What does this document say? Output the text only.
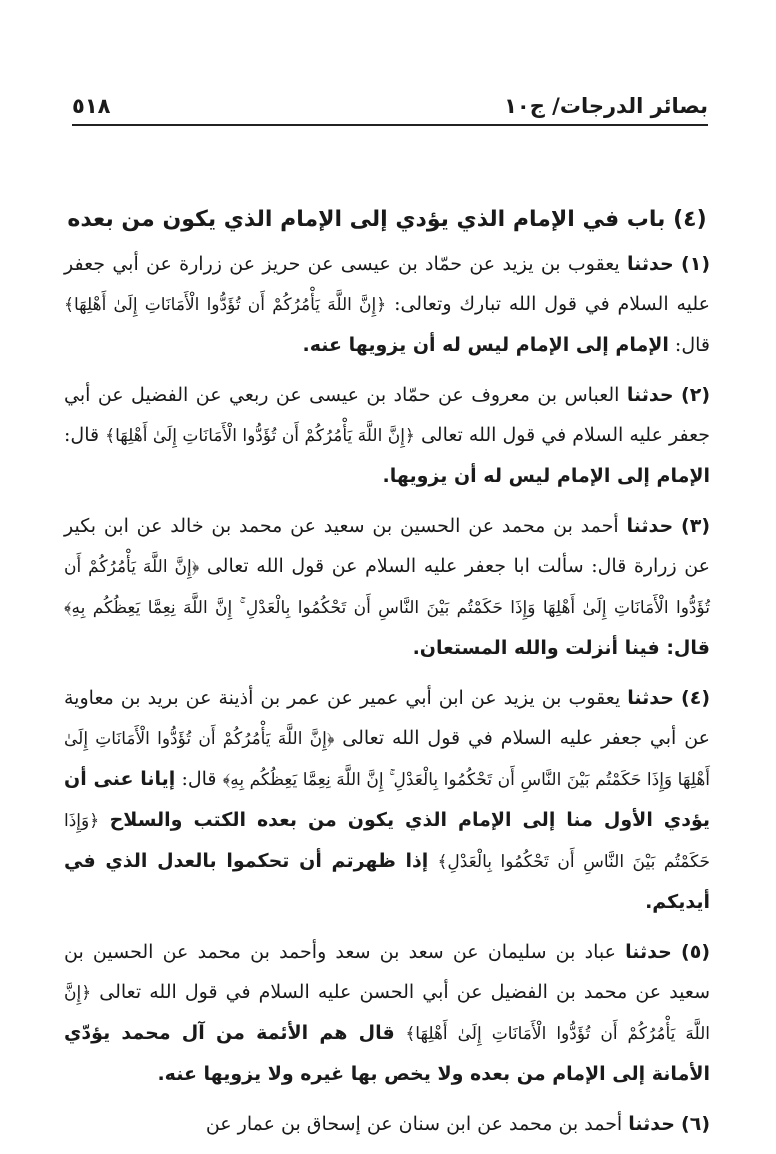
بصائر الدرجات/ ج١٠
٥١٨
(٤) باب في الإمام الذي يؤدي إلى الإمام الذي يكون من بعده

(١) حدثنا يعقوب بن يزيد عن حمّاد بن عيسى عن حريز عن زرارة عن أبي جعفر عليه السلام في قول الله تبارك وتعالى: ﴿إِنَّ اللَّهَ يَأْمُرُكُمْ أَن تُؤَدُّوا الْأَمَانَاتِ إِلَىٰ أَهْلِهَا﴾ قال: الإمام إلى الإمام ليس له أن يزويها عنه.

(٢) حدثنا العباس بن معروف عن حمّاد بن عيسى عن ربعي عن الفضيل عن أبي جعفر عليه السلام في قول الله تعالى ﴿إِنَّ اللَّهَ يَأْمُرُكُمْ أَن تُؤَدُّوا الْأَمَانَاتِ إِلَىٰ أَهْلِهَا﴾ قال: الإمام إلى الإمام ليس له أن يزويها.

(٣) حدثنا أحمد بن محمد عن الحسين بن سعيد عن محمد بن خالد عن ابن بكير عن زرارة قال: سألت ابا جعفر عليه السلام عن قول الله تعالى ﴿إِنَّ اللَّهَ يَأْمُرُكُمْ أَن تُؤَدُّوا الْأَمَانَاتِ إِلَىٰ أَهْلِهَا وَإِذَا حَكَمْتُم بَيْنَ النَّاسِ أَن تَحْكُمُوا بِالْعَدْلِ ۚ إِنَّ اللَّهَ نِعِمَّا يَعِظُكُم بِهِ﴾ قال: فينا أنزلت والله المستعان.

(٤) حدثنا يعقوب بن يزيد عن ابن أبي عمير عن عمر بن أذينة عن بريد بن معاوية عن أبي جعفر عليه السلام في قول الله تعالى ﴿إِنَّ اللَّهَ يَأْمُرُكُمْ أَن تُؤَدُّوا الْأَمَانَاتِ إِلَىٰ أَهْلِهَا وَإِذَا حَكَمْتُم بَيْنَ النَّاسِ أَن تَحْكُمُوا بِالْعَدْلِ ۚ إِنَّ اللَّهَ نِعِمَّا يَعِظُكُم بِهِ﴾ قال: إيانا عنى أن يؤدي الأول منا إلى الإمام الذي يكون من بعده الكتب والسلاح ﴿وَإِذَا حَكَمْتُم بَيْنَ النَّاسِ أَن تَحْكُمُوا بِالْعَدْلِ﴾ إذا ظهرتم أن تحكموا بالعدل الذي في أيديكم.

(٥) حدثنا عباد بن سليمان عن سعد بن سعد وأحمد بن محمد عن الحسين بن سعيد عن محمد بن الفضيل عن أبي الحسن عليه السلام في قول الله تعالى ﴿إِنَّ اللَّهَ يَأْمُرُكُمْ أَن تُؤَدُّوا الْأَمَانَاتِ إِلَىٰ أَهْلِهَا﴾ قال هم الأئمة من آل محمد يؤدّي الأمانة إلى الإمام من بعده ولا يخص بها غيره ولا يزويها عنه.

(٦) حدثنا أحمد بن محمد عن ابن سنان عن إسحاق بن عمار عن
